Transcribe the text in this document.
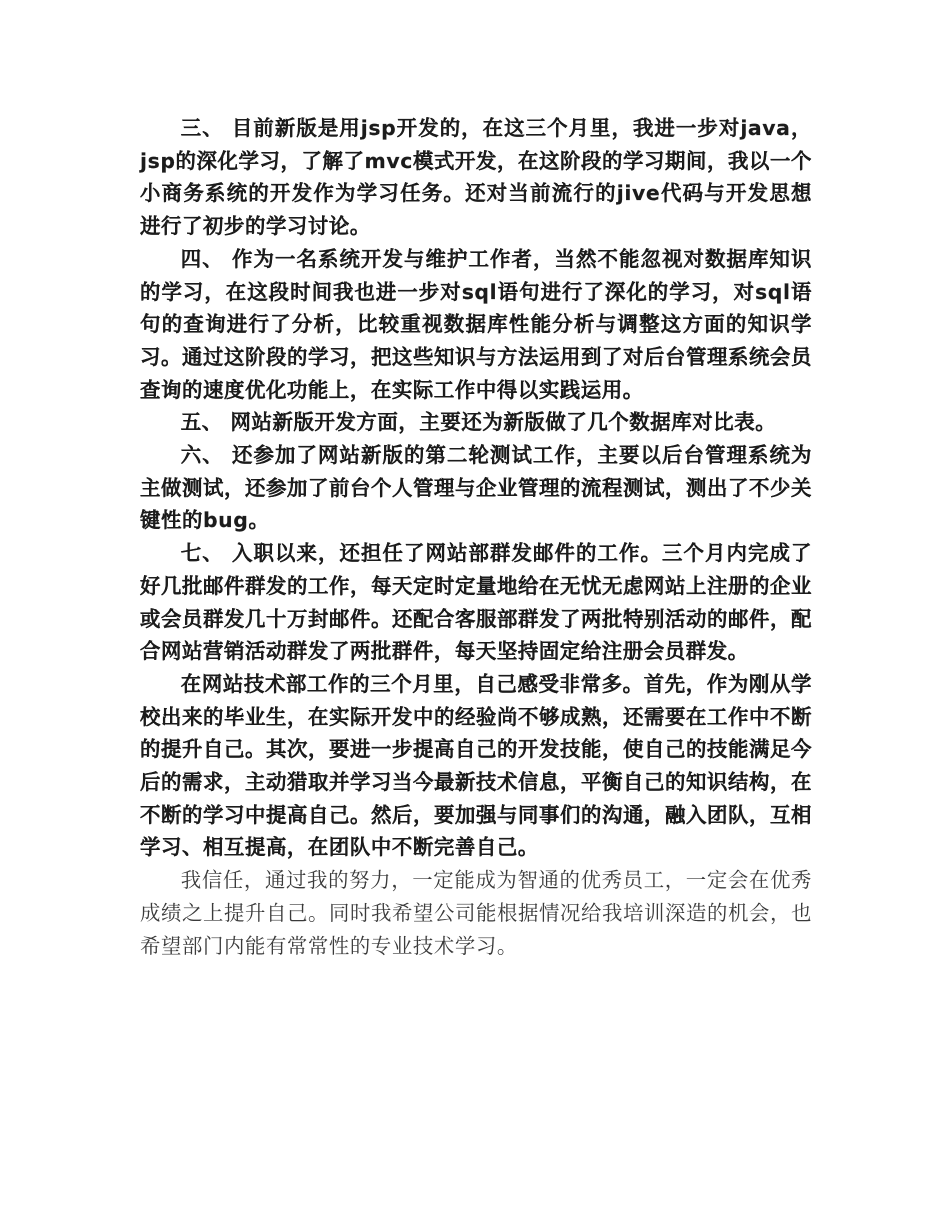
三、 目前新版是用jsp开发的，在这三个月里，我进一步对java，jsp的深化学习，了解了mvc模式开发，在这阶段的学习期间，我以一个小商务系统的开发作为学习任务。还对当前流行的jive代码与开发思想进行了初步的学习讨论。

四、 作为一名系统开发与维护工作者，当然不能忽视对数据库知识的学习，在这段时间我也进一步对sql语句进行了深化的学习，对sql语句的查询进行了分析，比较重视数据库性能分析与调整这方面的知识学习。通过这阶段的学习，把这些知识与方法运用到了对后台管理系统会员查询的速度优化功能上，在实际工作中得以实践运用。

五、 网站新版开发方面，主要还为新版做了几个数据库对比表。

六、 还参加了网站新版的第二轮测试工作，主要以后台管理系统为主做测试，还参加了前台个人管理与企业管理的流程测试，测出了不少关键性的bug。

七、 入职以来，还担任了网站部群发邮件的工作。三个月内完成了好几批邮件群发的工作，每天定时定量地给在无忧无虑网站上注册的企业或会员群发几十万封邮件。还配合客服部群发了两批特别活动的邮件，配合网站营销活动群发了两批群件，每天坚持固定给注册会员群发。

在网站技术部工作的三个月里，自己感受非常多。首先，作为刚从学校出来的毕业生，在实际开发中的经验尚不够成熟，还需要在工作中不断的提升自己。其次，要进一步提高自己的开发技能，使自己的技能满足今后的需求，主动猎取并学习当今最新技术信息，平衡自己的知识结构，在不断的学习中提高自己。然后，要加强与同事们的沟通，融入团队，互相学习、相互提高，在团队中不断完善自己。

我信任，通过我的努力，一定能成为智通的优秀员工，一定会在优秀成绩之上提升自己。同时我希望公司能根据情况给我培训深造的机会，也希望部门内能有常常性的专业技术学习。
